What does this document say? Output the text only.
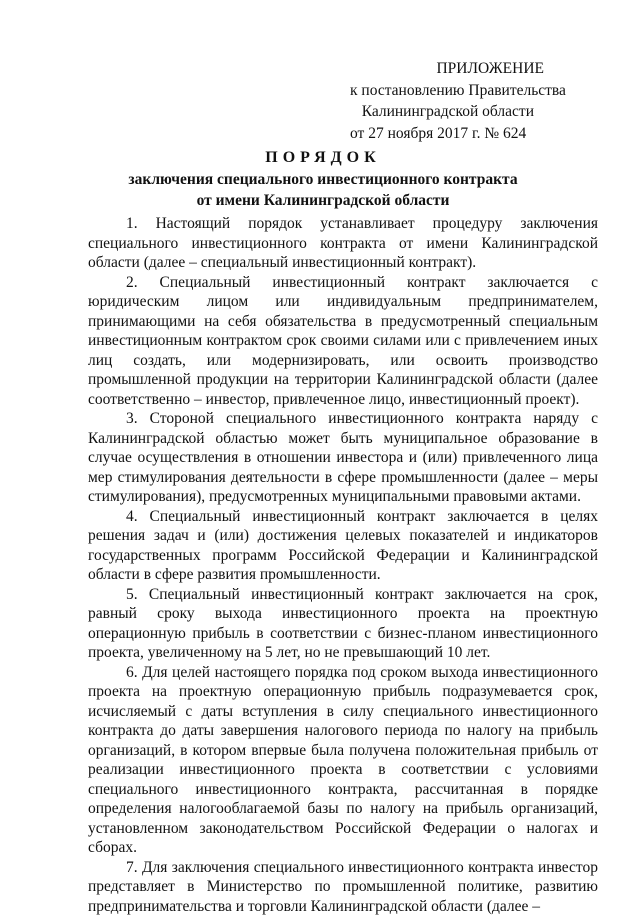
ПРИЛОЖЕНИЕ
к постановлению Правительства
Калининградской области
от 27 ноября 2017 г. № 624
ПОРЯДОК
заключения специального инвестиционного контракта
от имени Калининградской области

1. Настоящий порядок устанавливает процедуру заключения специального инвестиционного контракта от имени Калининградской области (далее – специальный инвестиционный контракт).

2. Специальный инвестиционный контракт заключается с юридическим лицом или индивидуальным предпринимателем, принимающими на себя обязательства в предусмотренный специальным инвестиционным контрактом срок своими силами или с привлечением иных лиц создать, или модернизировать, или освоить производство промышленной продукции на территории Калининградской области (далее соответственно – инвестор, привлеченное лицо, инвестиционный проект).

3. Стороной специального инвестиционного контракта наряду с Калининградской областью может быть муниципальное образование в случае осуществления в отношении инвестора и (или) привлеченного лица мер стимулирования деятельности в сфере промышленности (далее – меры стимулирования), предусмотренных муниципальными правовыми актами.

4. Специальный инвестиционный контракт заключается в целях решения задач и (или) достижения целевых показателей и индикаторов государственных программ Российской Федерации и Калининградской области в сфере развития промышленности.

5. Специальный инвестиционный контракт заключается на срок, равный сроку выхода инвестиционного проекта на проектную операционную прибыль в соответствии с бизнес-планом инвестиционного проекта, увеличенному на 5 лет, но не превышающий 10 лет.

6. Для целей настоящего порядка под сроком выхода инвестиционного проекта на проектную операционную прибыль подразумевается срок, исчисляемый с даты вступления в силу специального инвестиционного контракта до даты завершения налогового периода по налогу на прибыль организаций, в котором впервые была получена положительная прибыль от реализации инвестиционного проекта в соответствии с условиями специального инвестиционного контракта, рассчитанная в порядке определения налогооблагаемой базы по налогу на прибыль организаций, установленном законодательством Российской Федерации о налогах и сборах.

7. Для заключения специального инвестиционного контракта инвестор представляет в Министерство по промышленной политике, развитию предпринимательства и торговли Калининградской области (далее –
